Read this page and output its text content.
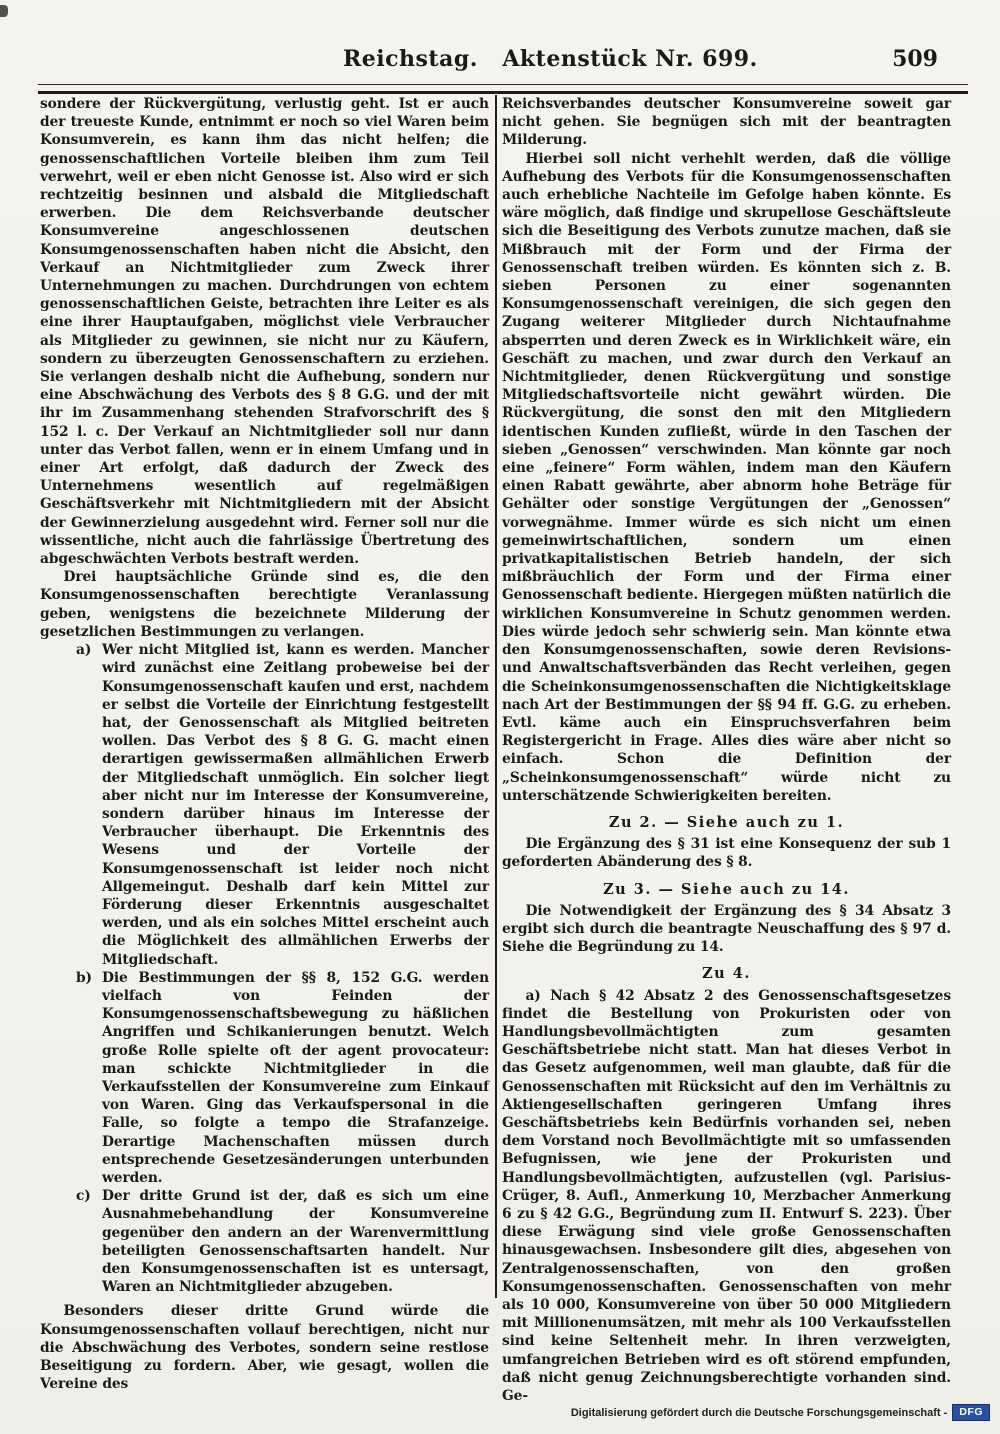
Reichstag.   Aktenstück Nr. 699.	509

sondere der Rückvergütung, verlustig geht. Ist er auch der treueste Kunde, entnimmt er noch so viel Waren beim Konsumverein, es kann ihm das nicht helfen; die genossenschaftlichen Vorteile bleiben ihm zum Teil verwehrt, weil er eben nicht Genosse ist. Also wird er sich rechtzeitig besinnen und alsbald die Mitgliedschaft erwerben. Die dem Reichsverbande deutscher Konsumvereine angeschlossenen deutschen Konsumgenossenschaften haben nicht die Absicht, den Verkauf an Nichtmitglieder zum Zweck ihrer Unternehmungen zu machen. Durchdrungen von echtem genossenschaftlichen Geiste, betrachten ihre Leiter es als eine ihrer Hauptaufgaben, möglichst viele Verbraucher als Mitglieder zu gewinnen, sie nicht nur zu Käufern, sondern zu überzeugten Genossenschaftern zu erziehen. Sie verlangen deshalb nicht die Aufhebung, sondern nur eine Abschwächung des Verbots des § 8 G.G. und der mit ihr im Zusammenhang stehenden Strafvorschrift des § 152 l. c. Der Verkauf an Nichtmitglieder soll nur dann unter das Verbot fallen, wenn er in einem Umfang und in einer Art erfolgt, daß dadurch der Zweck des Unternehmens wesentlich auf regelmäßigen Geschäftsverkehr mit Nichtmitgliedern mit der Absicht der Gewinnerzielung ausgedehnt wird. Ferner soll nur die wissentliche, nicht auch die fahrlässige Übertretung des abgeschwächten Verbots bestraft werden.

Drei hauptsächliche Gründe sind es, die den Konsumgenossenschaften berechtigte Veranlassung geben, wenigstens die bezeichnete Milderung der gesetzlichen Bestimmungen zu verlangen.

a) Wer nicht Mitglied ist, kann es werden. Mancher wird zunächst eine Zeitlang probeweise bei der Konsumgenossenschaft kaufen und erst, nachdem er selbst die Vorteile der Einrichtung festgestellt hat, der Genossenschaft als Mitglied beitreten wollen. Das Verbot des § 8 G. G. macht einen derartigen gewissermaßen allmählichen Erwerb der Mitgliedschaft unmöglich. Ein solcher liegt aber nicht nur im Interesse der Konsumvereine, sondern darüber hinaus im Interesse der Verbraucher überhaupt. Die Erkenntnis des Wesens und der Vorteile der Konsumgenossenschaft ist leider noch nicht Allgemeingut. Deshalb darf kein Mittel zur Förderung dieser Erkenntnis ausgeschaltet werden, und als ein solches Mittel erscheint auch die Möglichkeit des allmählichen Erwerbs der Mitgliedschaft.

b) Die Bestimmungen der §§ 8, 152 G.G. werden vielfach von Feinden der Konsumgenossenschaftsbewegung zu häßlichen Angriffen und Schikanierungen benutzt. Welch große Rolle spielte oft der agent provocateur: man schickte Nichtmitglieder in die Verkaufsstellen der Konsumvereine zum Einkauf von Waren. Ging das Verkaufspersonal in die Falle, so folgte a tempo die Strafanzeige. Derartige Machenschaften müssen durch entsprechende Gesetzesänderungen unterbunden werden.

c) Der dritte Grund ist der, daß es sich um eine Ausnahmebehandlung der Konsumvereine gegenüber den andern an der Warenvermittlung beteiligten Genossenschaftsarten handelt. Nur den Konsumgenossenschaften ist es untersagt, Waren an Nichtmitglieder abzugeben.

Besonders dieser dritte Grund würde die Konsumgenossenschaften vollauf berechtigen, nicht nur die Abschwächung des Verbotes, sondern seine restlose Beseitigung zu fordern. Aber, wie gesagt, wollen die Vereine des

Reichsverbandes deutscher Konsumvereine soweit gar nicht gehen. Sie begnügen sich mit der beantragten Milderung.

Hierbei soll nicht verhehlt werden, daß die völlige Aufhebung des Verbots für die Konsumgenossenschaften auch erhebliche Nachteile im Gefolge haben könnte. Es wäre möglich, daß findige und skrupellose Geschäftsleute sich die Beseitigung des Verbots zunutze machen, daß sie Mißbrauch mit der Form und der Firma der Genossenschaft treiben würden. Es könnten sich z. B. sieben Personen zu einer sogenannten Konsumgenossenschaft vereinigen, die sich gegen den Zugang weiterer Mitglieder durch Nichtaufnahme absperrten und deren Zweck es in Wirklichkeit wäre, ein Geschäft zu machen, und zwar durch den Verkauf an Nichtmitglieder, denen Rückvergütung und sonstige Mitgliedschaftsvorteile nicht gewährt würden. Die Rückvergütung, die sonst den mit den Mitgliedern identischen Kunden zufließt, würde in den Taschen der sieben „Genossen“ verschwinden. Man könnte gar noch eine „feinere“ Form wählen, indem man den Käufern einen Rabatt gewährte, aber abnorm hohe Beträge für Gehälter oder sonstige Vergütungen der „Genossen“ vorwegnähme. Immer würde es sich nicht um einen gemeinwirtschaftlichen, sondern um einen privatkapitalistischen Betrieb handeln, der sich mißbräuchlich der Form und der Firma einer Genossenschaft bediente. Hiergegen müßten natürlich die wirklichen Konsumvereine in Schutz genommen werden. Dies würde jedoch sehr schwierig sein. Man könnte etwa den Konsumgenossenschaften, sowie deren Revisions- und Anwaltschaftsverbänden das Recht verleihen, gegen die Scheinkonsumgenossenschaften die Nichtigkeitsklage nach Art der Bestimmungen der §§ 94 ff. G.G. zu erheben. Evtl. käme auch ein Einspruchsverfahren beim Registergericht in Frage. Alles dies wäre aber nicht so einfach. Schon die Definition der „Scheinkonsumgenossenschaft“ würde nicht zu unterschätzende Schwierigkeiten bereiten.

Zu 2. — Siehe auch zu 1.

Die Ergänzung des § 31 ist eine Konsequenz der sub 1 geforderten Abänderung des § 8.

Zu 3. — Siehe auch zu 14.

Die Notwendigkeit der Ergänzung des § 34 Absatz 3 ergibt sich durch die beantragte Neuschaffung des § 97 d. Siehe die Begründung zu 14.

Zu 4.

a) Nach § 42 Absatz 2 des Genossenschaftsgesetzes findet die Bestellung von Prokuristen oder von Handlungsbevollmächtigten zum gesamten Geschäftsbetriebe nicht statt. Man hat dieses Verbot in das Gesetz aufgenommen, weil man glaubte, daß für die Genossenschaften mit Rücksicht auf den im Verhältnis zu Aktiengesellschaften geringeren Umfang ihres Geschäftsbetriebs kein Bedürfnis vorhanden sei, neben dem Vorstand noch Bevollmächtigte mit so umfassenden Befugnissen, wie jene der Prokuristen und Handlungsbevollmächtigten, aufzustellen (vgl. Parisius-Crüger, 8. Aufl., Anmerkung 10, Merzbacher Anmerkung 6 zu § 42 G.G., Begründung zum II. Entwurf S. 223). Über diese Erwägung sind viele große Genossenschaften hinausgewachsen. Insbesondere gilt dies, abgesehen von Zentralgenossenschaften, von den großen Konsumgenossenschaften. Genossenschaften von mehr als 10 000, Konsumvereine von über 50 000 Mitgliedern mit Millionenumsätzen, mit mehr als 100 Verkaufsstellen sind keine Seltenheit mehr. In ihren verzweigten, umfangreichen Betrieben wird es oft störend empfunden, daß nicht genug Zeichnungsberechtigte vorhanden sind. Ge-

Digitalisierung gefördert durch die Deutsche Forschungsgemeinschaft -	DFG
